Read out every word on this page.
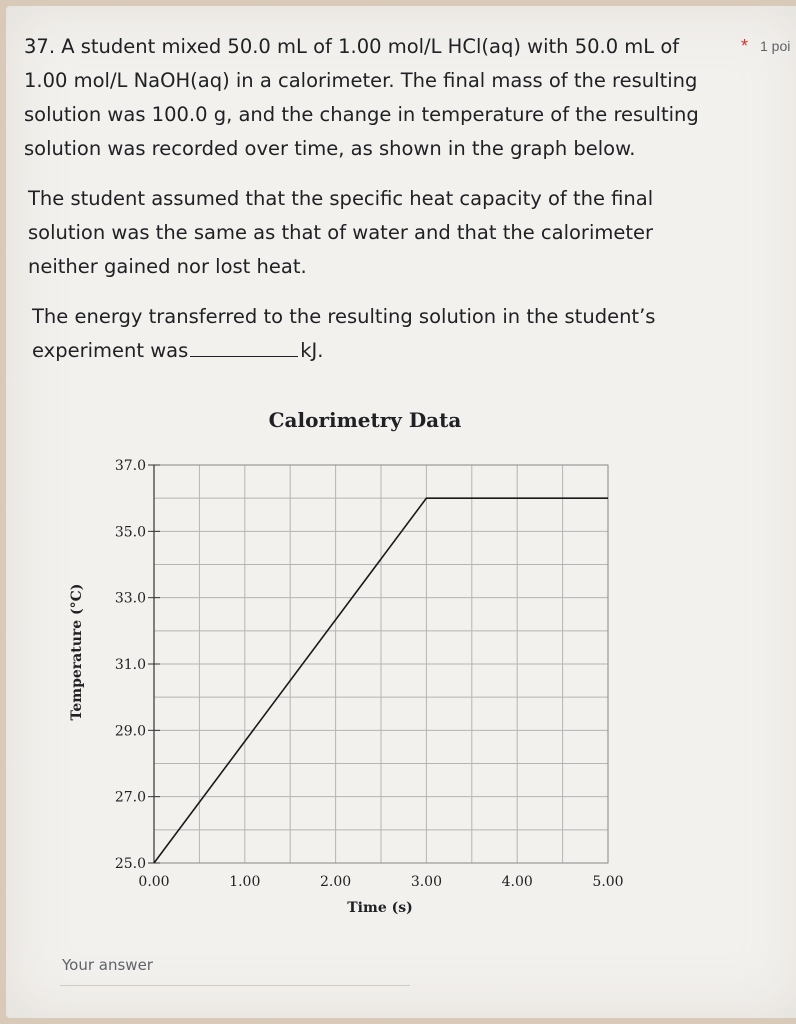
* 1 poi
37. A student mixed 50.0 mL of 1.00 mol/L HCl(aq) with 50.0 mL of 1.00 mol/L NaOH(aq) in a calorimeter. The final mass of the resulting solution was 100.0 g, and the change in temperature of the resulting solution was recorded over time, as shown in the graph below.
The student assumed that the specific heat capacity of the final solution was the same as that of water and that the calorimeter neither gained nor lost heat.
The energy transferred to the resulting solution in the student’s experiment was	kJ.
Calorimetry Data
Temperature (°C)
Time (s)
25.0
27.0
29.0
31.0
33.0
35.0
37.0
0.00	1.00	2.00	3.00	4.00	5.00
Your answer
